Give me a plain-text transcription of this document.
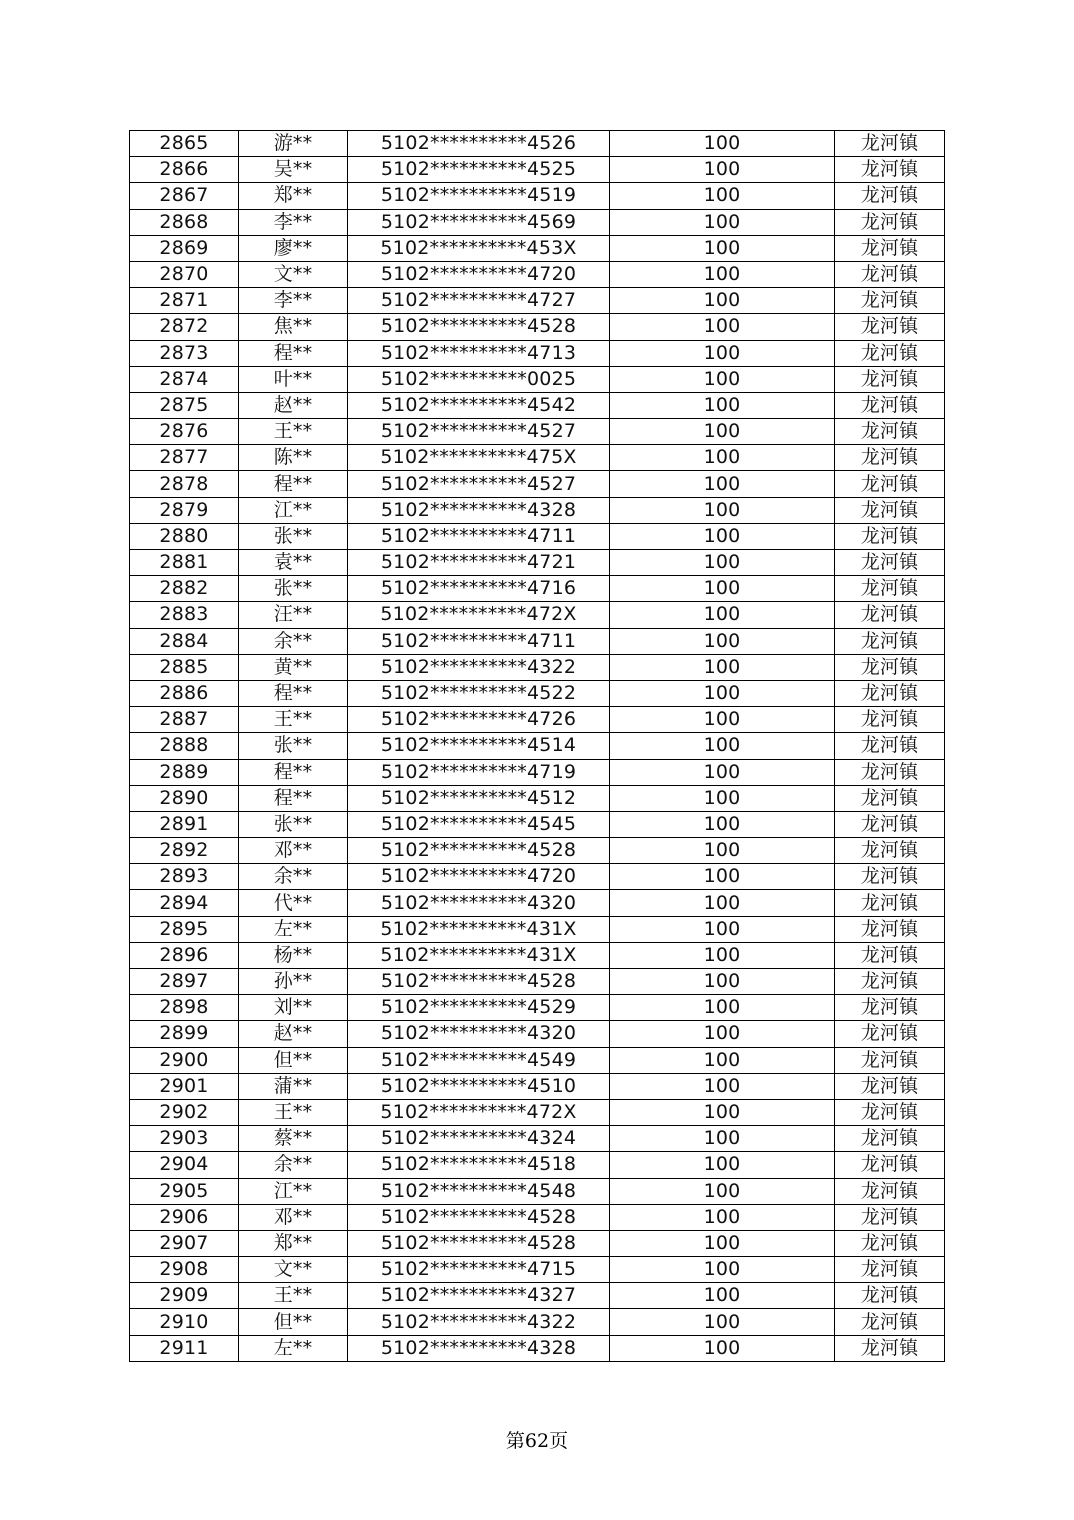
2865	游**	5102**********4526	100	龙河镇
2866	吴**	5102**********4525	100	龙河镇
2867	郑**	5102**********4519	100	龙河镇
2868	李**	5102**********4569	100	龙河镇
2869	廖**	5102**********453X	100	龙河镇
2870	文**	5102**********4720	100	龙河镇
2871	李**	5102**********4727	100	龙河镇
2872	焦**	5102**********4528	100	龙河镇
2873	程**	5102**********4713	100	龙河镇
2874	叶**	5102**********0025	100	龙河镇
2875	赵**	5102**********4542	100	龙河镇
2876	王**	5102**********4527	100	龙河镇
2877	陈**	5102**********475X	100	龙河镇
2878	程**	5102**********4527	100	龙河镇
2879	江**	5102**********4328	100	龙河镇
2880	张**	5102**********4711	100	龙河镇
2881	袁**	5102**********4721	100	龙河镇
2882	张**	5102**********4716	100	龙河镇
2883	汪**	5102**********472X	100	龙河镇
2884	余**	5102**********4711	100	龙河镇
2885	黄**	5102**********4322	100	龙河镇
2886	程**	5102**********4522	100	龙河镇
2887	王**	5102**********4726	100	龙河镇
2888	张**	5102**********4514	100	龙河镇
2889	程**	5102**********4719	100	龙河镇
2890	程**	5102**********4512	100	龙河镇
2891	张**	5102**********4545	100	龙河镇
2892	邓**	5102**********4528	100	龙河镇
2893	余**	5102**********4720	100	龙河镇
2894	代**	5102**********4320	100	龙河镇
2895	左**	5102**********431X	100	龙河镇
2896	杨**	5102**********431X	100	龙河镇
2897	孙**	5102**********4528	100	龙河镇
2898	刘**	5102**********4529	100	龙河镇
2899	赵**	5102**********4320	100	龙河镇
2900	但**	5102**********4549	100	龙河镇
2901	蒲**	5102**********4510	100	龙河镇
2902	王**	5102**********472X	100	龙河镇
2903	蔡**	5102**********4324	100	龙河镇
2904	余**	5102**********4518	100	龙河镇
2905	江**	5102**********4548	100	龙河镇
2906	邓**	5102**********4528	100	龙河镇
2907	郑**	5102**********4528	100	龙河镇
2908	文**	5102**********4715	100	龙河镇
2909	王**	5102**********4327	100	龙河镇
2910	但**	5102**********4322	100	龙河镇
2911	左**	5102**********4328	100	龙河镇
第62页
